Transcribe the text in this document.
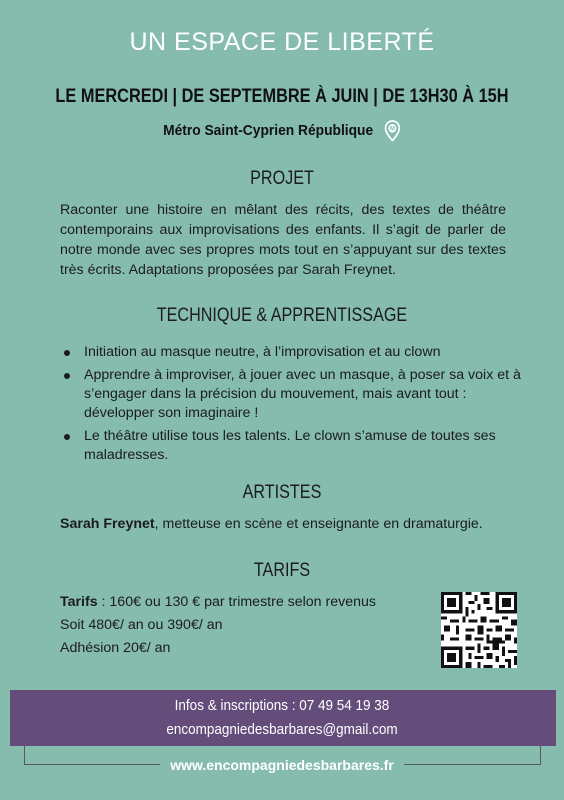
UN ESPACE DE LIBERTÉ
LE MERCREDI | DE SEPTEMBRE À JUIN | DE 13H30 À 15H
Métro Saint-Cyprien République	M
PROJET
Raconter une histoire en mêlant des récits, des textes de théâtre contemporains aux improvisations des enfants. Il s’agit de parler de notre monde avec ses propres mots tout en s’appuyant sur des textes très écrits. Adaptations proposées par Sarah Freynet.
TECHNIQUE & APPRENTISSAGE
Initiation au masque neutre, à l’improvisation et au clown
Apprendre à improviser, à jouer avec un masque, à poser sa voix et à s’engager dans la précision du mouvement, mais avant tout : développer son imaginaire !
Le théâtre utilise tous les talents. Le clown s’amuse de toutes ses maladresses.
ARTISTES
Sarah Freynet, metteuse en scène et enseignante en dramaturgie.
TARIFS
Tarifs : 160€ ou 130 € par trimestre selon revenus
Soit 480€/ an ou 390€/ an
Adhésion 20€/ an
Infos & inscriptions : 07 49 54 19 38
encompagniedesbarbares@gmail.com
www.encompagniedesbarbares.fr
